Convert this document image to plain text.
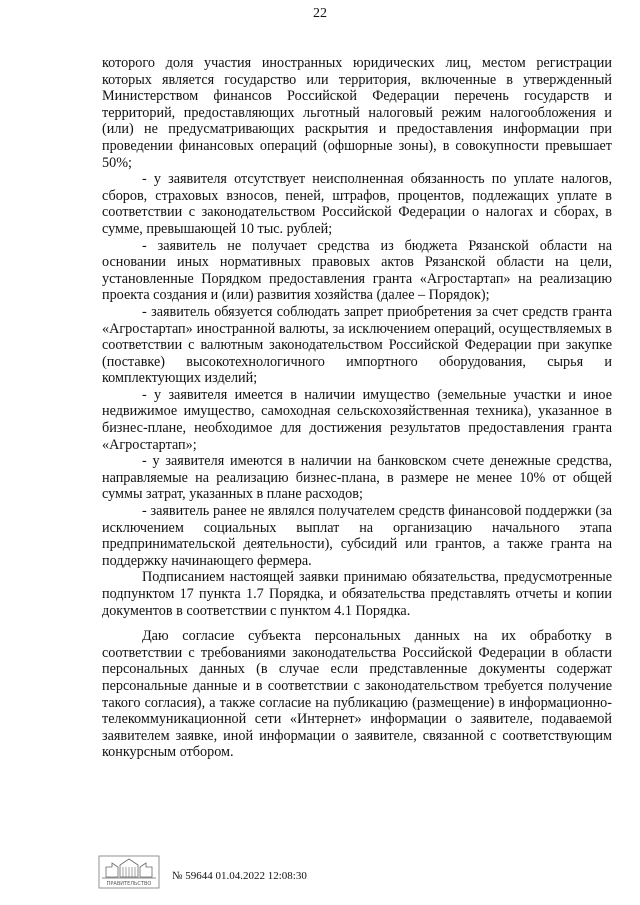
22

которого доля участия иностранных юридических лиц, местом регистрации которых является государство или территория, включенные в утвержденный Министерством финансов Российской Федерации перечень государств и территорий, предоставляющих льготный налоговый режим налогообложения и (или) не предусматривающих раскрытия и предоставления информации при проведении финансовых операций (офшорные зоны), в совокупности превышает 50%;

- у заявителя отсутствует неисполненная обязанность по уплате налогов, сборов, страховых взносов, пеней, штрафов, процентов, подлежащих уплате в соответствии с законодательством Российской Федерации о налогах и сборах, в сумме, превышающей 10 тыс. рублей;

- заявитель не получает средства из бюджета Рязанской области на основании иных нормативных правовых актов Рязанской области на цели, установленные Порядком предоставления гранта «Агростартап» на реализацию проекта создания и (или) развития хозяйства (далее – Порядок);

- заявитель обязуется соблюдать запрет приобретения за счет средств гранта «Агростартап» иностранной валюты, за исключением операций, осуществляемых в соответствии с валютным законодательством Российской Федерации при закупке (поставке) высокотехнологичного импортного оборудования, сырья и комплектующих изделий;

- у заявителя имеется в наличии имущество (земельные участки и иное недвижимое имущество, самоходная сельскохозяйственная техника), указанное в бизнес-плане, необходимое для достижения результатов предоставления гранта «Агростартап»;

- у заявителя имеются в наличии на банковском счете денежные средства, направляемые на реализацию бизнес-плана, в размере не менее 10% от общей суммы затрат, указанных в плане расходов;

- заявитель ранее не являлся получателем средств финансовой поддержки (за исключением социальных выплат на организацию начального этапа предпринимательской деятельности), субсидий или грантов, а также гранта на поддержку начинающего фермера.

Подписанием настоящей заявки принимаю обязательства, предусмотренные подпунктом 17 пункта 1.7 Порядка, и обязательства представлять отчеты и копии документов в соответствии с пунктом 4.1 Порядка.

Даю согласие субъекта персональных данных на их обработку в соответствии с требованиями законодательства Российской Федерации в области персональных данных (в случае если представленные документы содержат персональные данные и в соответствии с законодательством требуется получение такого согласия), а также согласие на публикацию (размещение) в информационно-телекоммуникационной сети «Интернет» информации о заявителе, подаваемой заявителем заявке, иной информации о заявителе, связанной с соответствующим конкурсным отбором.

ПРАВИТЕЛЬСТВО
№ 59644 01.04.2022 12:08:30
